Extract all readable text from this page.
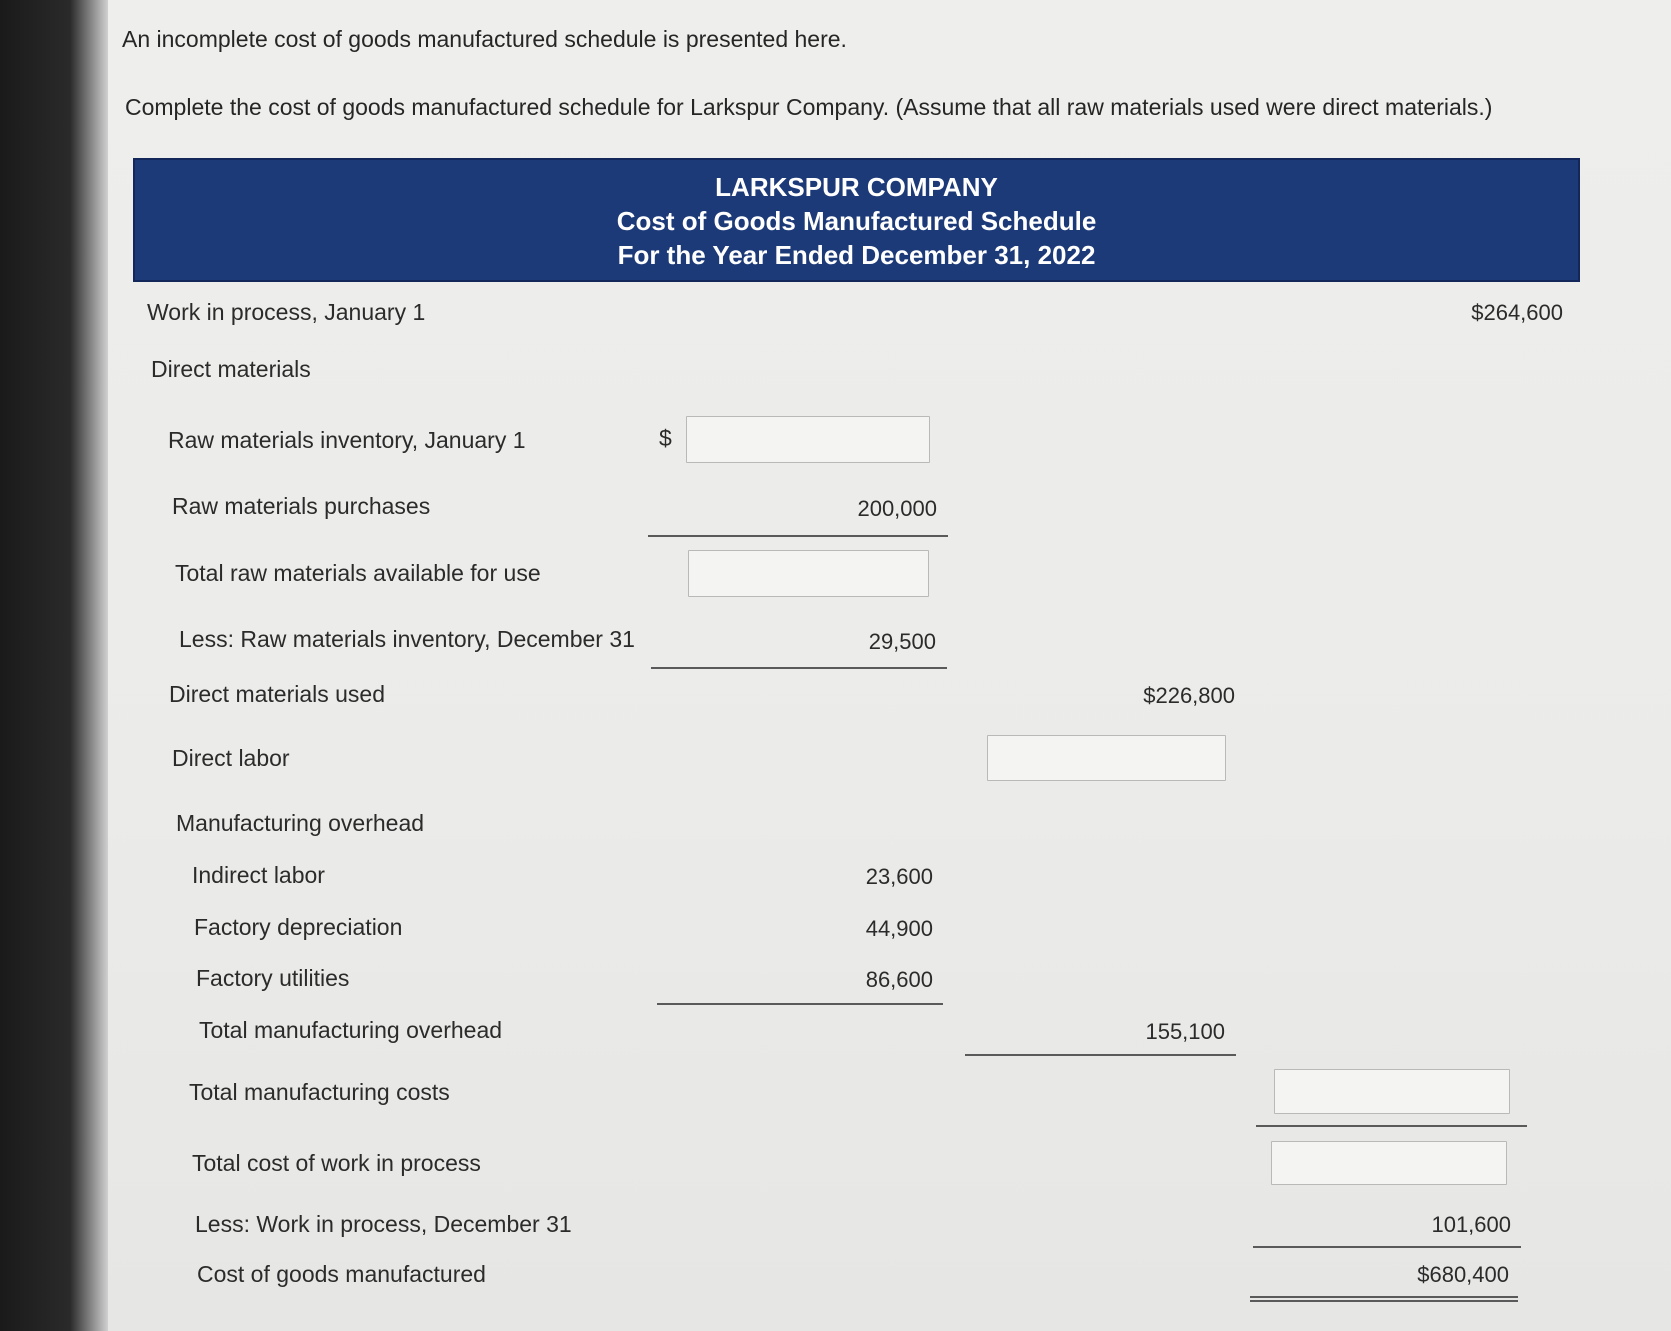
An incomplete cost of goods manufactured schedule is presented here.
Complete the cost of goods manufactured schedule for Larkspur Company. (Assume that all raw materials used were direct materials.)
LARKSPUR COMPANY
Cost of Goods Manufactured Schedule
For the Year Ended December 31, 2022
Work in process, January 1	$264,600
Direct materials
Raw materials inventory, January 1	$
Raw materials purchases	200,000
Total raw materials available for use
Less: Raw materials inventory, December 31	29,500
Direct materials used	$226,800
Direct labor
Manufacturing overhead
Indirect labor	23,600
Factory depreciation	44,900
Factory utilities	86,600
Total manufacturing overhead	155,100
Total manufacturing costs
Total cost of work in process
Less: Work in process, December 31	101,600
Cost of goods manufactured	$680,400
